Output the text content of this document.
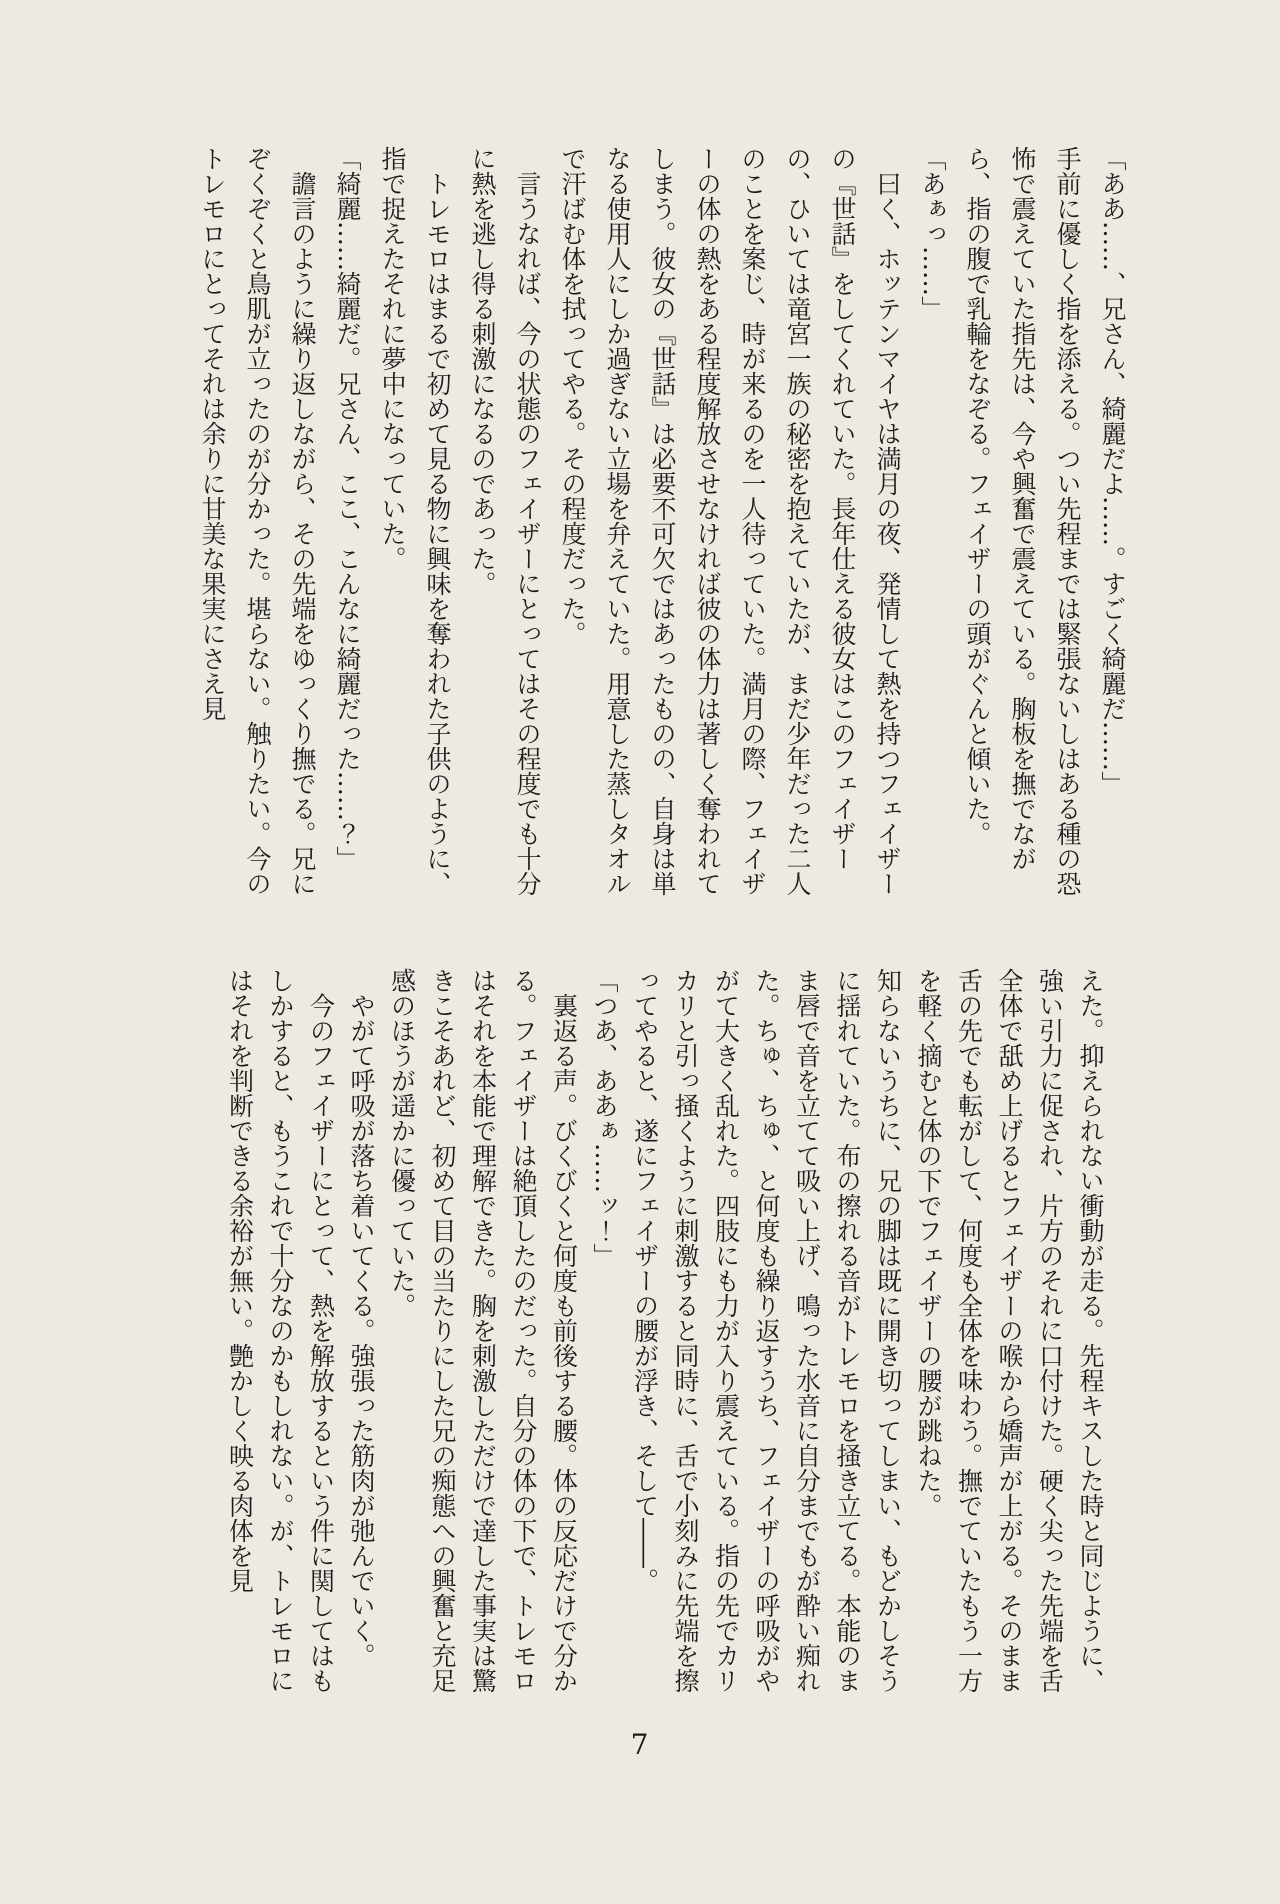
「ああ……、兄さん、綺麗だよ……。すごく綺麗だ……」

手前に優しく指を添える。つい先程までは緊張ないしはある種の恐怖で震えていた指先は、今や興奮で震えている。胸板を撫でながら、指の腹で乳輪をなぞる。フェイザーの頭がぐんと傾いた。

「あぁっ……」

曰く、ホッテンマイヤは満月の夜、発情して熱を持つフェイザーの『世話』をしてくれていた。長年仕える彼女はこのフェイザーの、ひいては竜宮一族の秘密を抱えていたが、まだ少年だった二人のことを案じ、時が来るのを一人待っていた。満月の際、フェイザーの体の熱をある程度解放させなければ彼の体力は著しく奪われてしまう。彼女の『世話』は必要不可欠ではあったものの、自身は単なる使用人にしか過ぎない立場を弁えていた。用意した蒸しタオルで汗ばむ体を拭ってやる。その程度だった。

言うなれば、今の状態のフェイザーにとってはその程度でも十分に熱を逃し得る刺激になるのであった。

トレモロはまるで初めて見る物に興味を奪われた子供のように、指で捉えたそれに夢中になっていた。

「綺麗……綺麗だ。兄さん、ここ、こんなに綺麗だった……？」

譫言のように繰り返しながら、その先端をゆっくり撫でる。兄にぞくぞくと鳥肌が立ったのが分かった。堪らない。触りたい。今のトレモロにとってそれは余りに甘美な果実にさえ見

えた。抑えられない衝動が走る。先程キスした時と同じように、強い引力に促され、片方のそれに口付けた。硬く尖った先端を舌全体で舐め上げるとフェイザーの喉から嬌声が上がる。そのまま舌の先でも転がして、何度も全体を味わう。撫でていたもう一方を軽く摘むと体の下でフェイザーの腰が跳ねた。

知らないうちに、兄の脚は既に開き切ってしまい、もどかしそうに揺れていた。布の擦れる音がトレモロを掻き立てる。本能のまま唇で音を立てて吸い上げ、鳴った水音に自分までもが酔い痴れた。ちゅ、ちゅ、と何度も繰り返すうち、フェイザーの呼吸がやがて大きく乱れた。四肢にも力が入り震えている。指の先でカリカリと引っ掻くように刺激すると同時に、舌で小刻みに先端を擦ってやると、遂にフェイザーの腰が浮き、そして――。

「つあ、ああぁ……ッ！」

裏返る声。びくびくと何度も前後する腰。体の反応だけで分かる。フェイザーは絶頂したのだった。自分の体の下で、トレモロはそれを本能で理解できた。胸を刺激しただけで達した事実は驚きこそあれど、初めて目の当たりにした兄の痴態への興奮と充足感のほうが遥かに優っていた。

やがて呼吸が落ち着いてくる。強張った筋肉が弛んでいく。

今のフェイザーにとって、熱を解放するという件に関してはもしかすると、もうこれで十分なのかもしれない。が、トレモロにはそれを判断できる余裕が無い。艶かしく映る肉体を見

7
